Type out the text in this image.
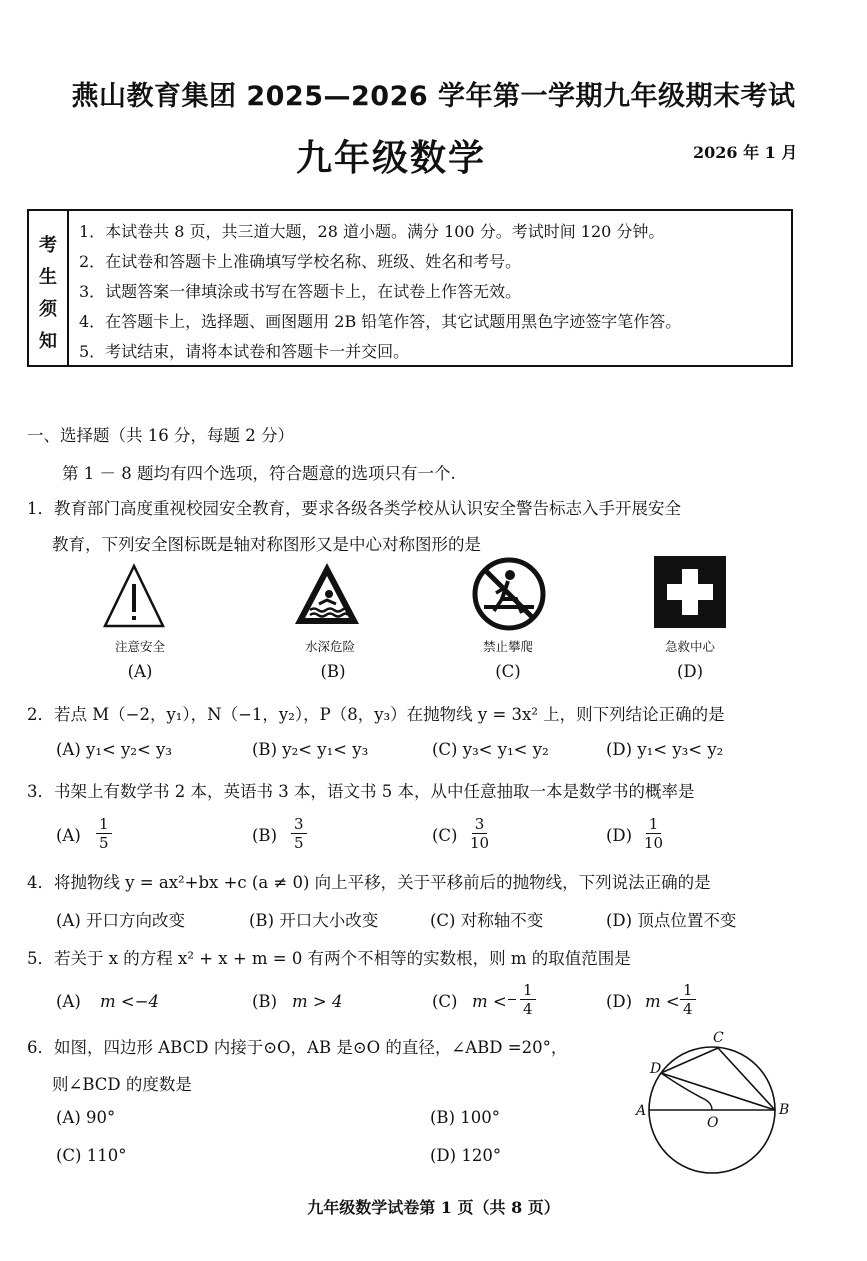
燕山教育集团 2025—2026 学年第一学期九年级期末考试
九年级数学	2026 年 1 月
考
生
须
知
1．本试卷共 8 页，共三道大题，28 道小题。满分 100 分。考试时间 120 分钟。
2．在试卷和答题卡上准确填写学校名称、班级、姓名和考号。
3．试题答案一律填涂或书写在答题卡上，在试卷上作答无效。
4．在答题卡上，选择题、画图题用 2B 铅笔作答，其它试题用黑色字迹签字笔作答。
5．考试结束，请将本试卷和答题卡一并交回。
一、选择题（共 16 分，每题 2 分）
第 1 － 8 题均有四个选项，符合题意的选项只有一个.
1．教育部门高度重视校园安全教育，要求各级各类学校从认识安全警告标志入手开展安全
教育，下列安全图标既是轴对称图形又是中心对称图形的是
注意安全	水深危险	禁止攀爬	急救中心
(A)	(B)	(C)	(D)
2．若点 M（−2，y₁），N（−1，y₂），P（8，y₃）在抛物线 y = 3x² 上，则下列结论正确的是
(A) y₁< y₂< y₃	(B) y₂< y₁< y₃	(C) y₃< y₁< y₂	(D) y₁< y₃< y₂
3．书架上有数学书 2 本，英语书 3 本，语文书 5 本，从中任意抽取一本是数学书的概率是
$(A) \frac{1}{5}$	$(B) \frac{3}{5}$	$(C) \frac{3}{10}$	$(D) \frac{1}{10}$
4．将抛物线 y = ax²+bx +c (a ≠ 0) 向上平移，关于平移前后的抛物线，下列说法正确的是
(A) 开口方向改变	(B) 开口大小改变	(C) 对称轴不变	(D) 顶点位置不变
5．若关于 x 的方程 x² + x + m = 0 有两个不相等的实数根，则 m 的取值范围是
(A) m <−4	(B) m > 4	(C) $m < \frac{1}{4}$	(D) $m < \frac{1}{4}$
6．如图，四边形 ABCD 内接于⊙O，AB 是⊙O 的直径，∠ABD =20°，
则∠BCD 的度数是
(A) 90°	(B) 100°
(C) 110°	(D) 120°
A	B
C
D
O
九年级数学试卷第 1 页（共 8 页）
